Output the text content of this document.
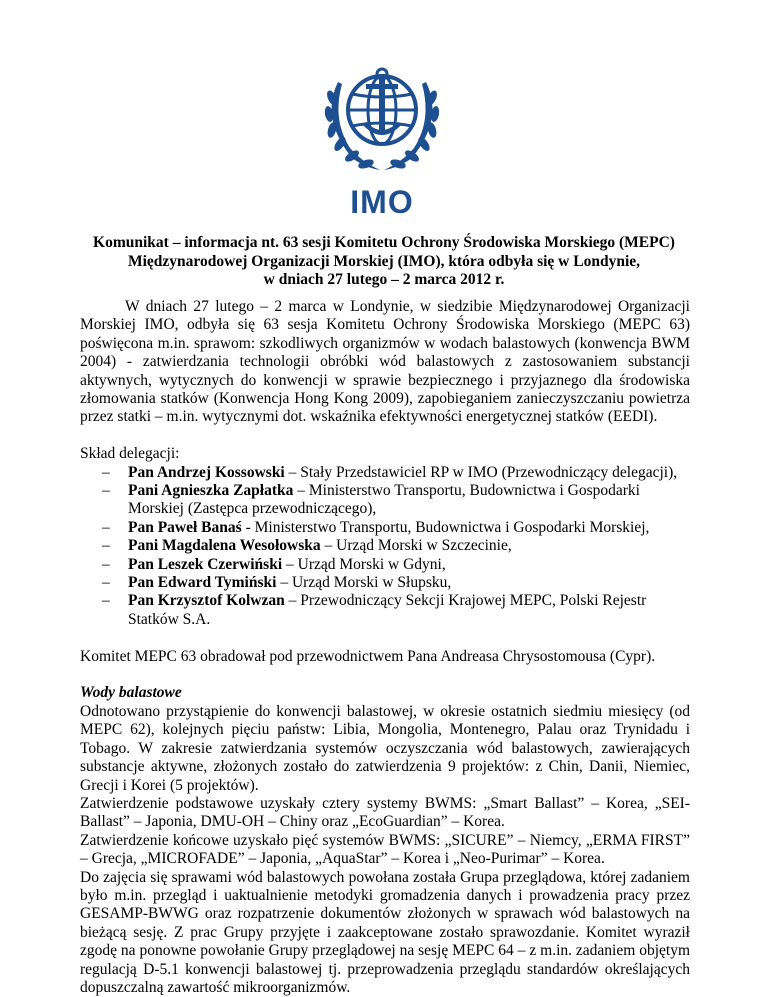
IMO
Komunikat – informacja nt. 63 sesji Komitetu Ochrony Środowiska Morskiego (MEPC)
Międzynarodowej Organizacji Morskiej (IMO), która odbyła się w Londynie,
w dniach 27 lutego – 2 marca 2012 r.

W dniach 27 lutego – 2 marca w Londynie, w siedzibie Międzynarodowej Organizacji Morskiej IMO, odbyła się 63 sesja Komitetu Ochrony Środowiska Morskiego (MEPC 63) poświęcona m.in. sprawom: szkodliwych organizmów w wodach balastowych (konwencja BWM 2004) - zatwierdzania technologii obróbki wód balastowych z zastosowaniem substancji aktywnych, wytycznych do konwencji w sprawie bezpiecznego i przyjaznego dla środowiska złomowania statków (Konwencja Hong Kong 2009), zapobieganiem zanieczyszczaniu powietrza przez statki – m.in. wytycznymi dot. wskaźnika efektywności energetycznej statków (EEDI).

Skład delegacji:

– Pan Andrzej Kossowski – Stały Przedstawiciel RP w IMO (Przewodniczący delegacji),
– Pani Agnieszka Zapłatka – Ministerstwo Transportu, Budownictwa i Gospodarki Morskiej (Zastępca przewodniczącego),
– Pan Paweł Banaś - Ministerstwo Transportu, Budownictwa i Gospodarki Morskiej,
– Pani Magdalena Wesołowska – Urząd Morski w Szczecinie,
– Pan Leszek Czerwiński – Urząd Morski w Gdyni,
– Pan Edward Tymiński – Urząd Morski w Słupsku,
– Pan Krzysztof Kolwzan – Przewodniczący Sekcji Krajowej MEPC, Polski Rejestr Statków S.A.

Komitet MEPC 63 obradował pod przewodnictwem Pana Andreasa Chrysostomousa (Cypr).

Wody balastowe

Odnotowano przystąpienie do konwencji balastowej, w okresie ostatnich siedmiu miesięcy (od MEPC 62), kolejnych pięciu państw: Libia, Mongolia, Montenegro, Palau oraz Trynidadu i Tobago. W zakresie zatwierdzania systemów oczyszczania wód balastowych, zawierających substancje aktywne, złożonych zostało do zatwierdzenia 9 projektów: z Chin, Danii, Niemiec, Grecji i Korei (5 projektów).

Zatwierdzenie podstawowe uzyskały cztery systemy BWMS: „Smart Ballast” – Korea, „SEI-Ballast” – Japonia, DMU-OH – Chiny oraz „EcoGuardian” – Korea.

Zatwierdzenie końcowe uzyskało pięć systemów BWMS: „SICURE” – Niemcy, „ERMA FIRST” – Grecja, „MICROFADE” – Japonia, „AquaStar” – Korea i „Neo-Purimar” – Korea.

Do zajęcia się sprawami wód balastowych powołana została Grupa przeglądowa, której zadaniem było m.in. przegląd i uaktualnienie metodyki gromadzenia danych i prowadzenia pracy przez GESAMP-BWWG oraz rozpatrzenie dokumentów złożonych w sprawach wód balastowych na bieżącą sesję. Z prac Grupy przyjęte i zaakceptowane zostało sprawozdanie. Komitet wyraził zgodę na ponowne powołanie Grupy przeglądowej na sesję MEPC 64 – z m.in. zadaniem objętym regulacją D-5.1 konwencji balastowej tj. przeprowadzenia przeglądu standardów określających dopuszczalną zawartość mikroorganizmów.
